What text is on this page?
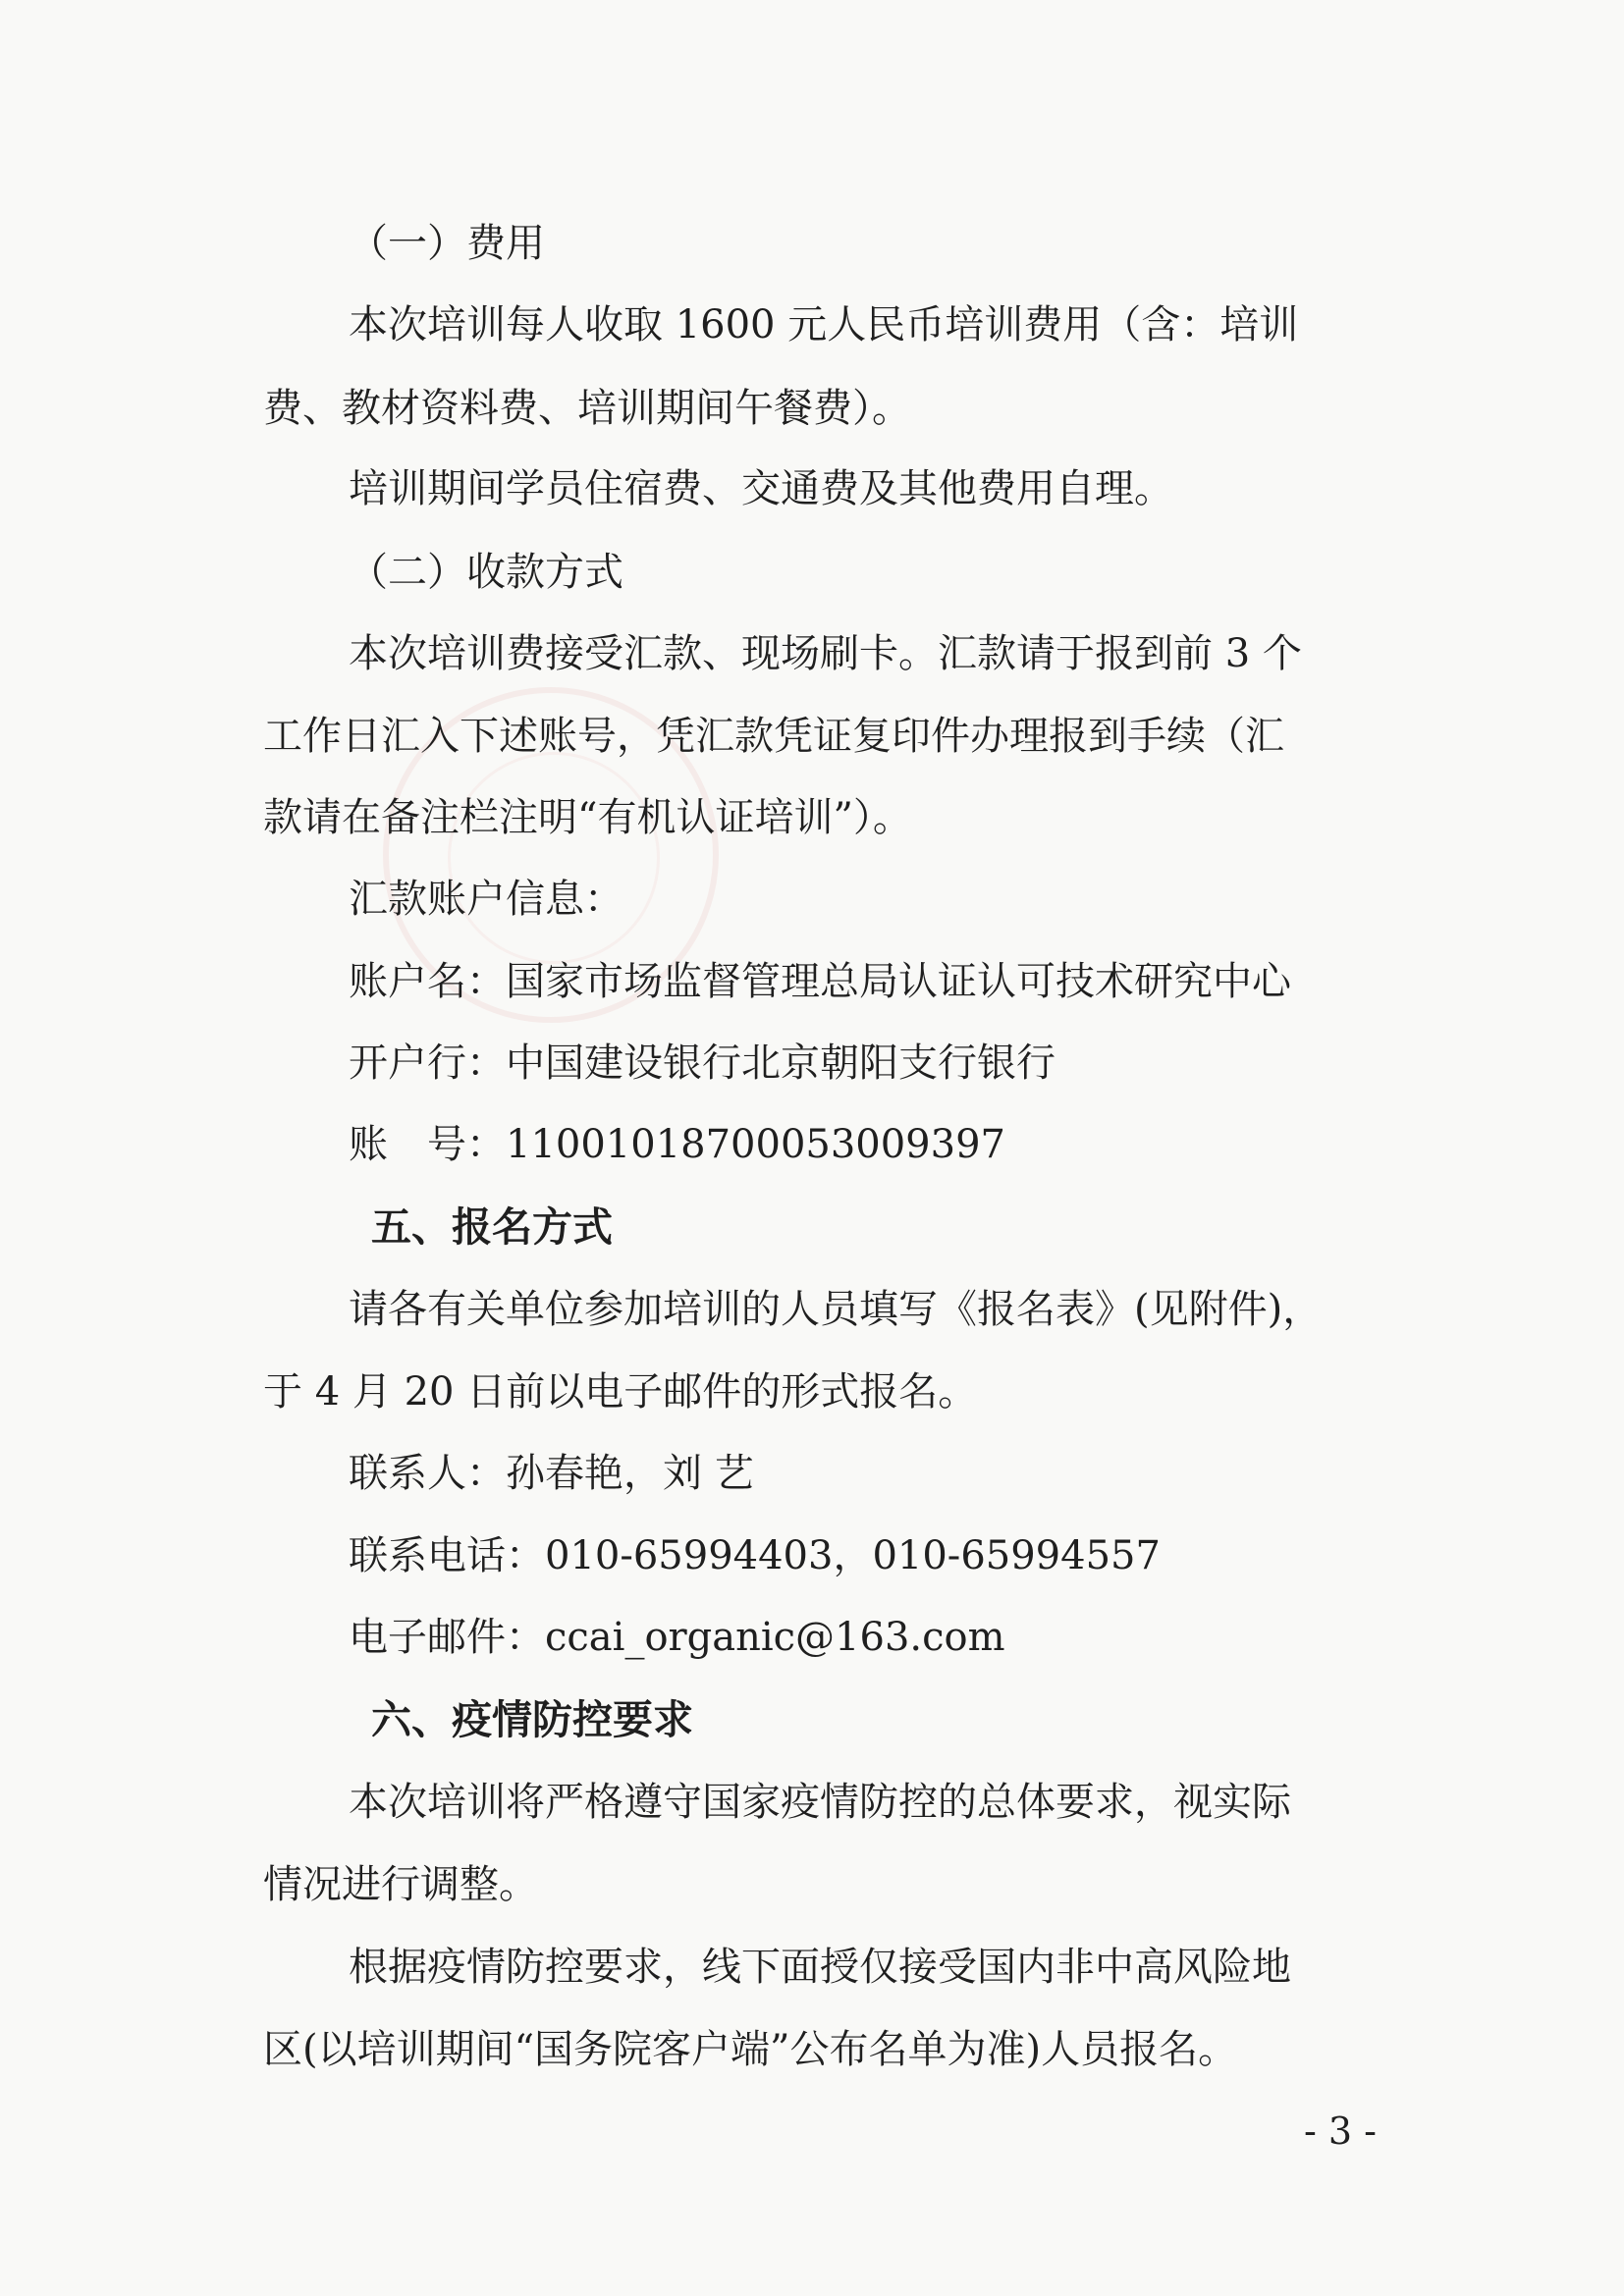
（一）费用
本次培训每人收取 1600 元人民币培训费用（含：培训
费、教材资料费、培训期间午餐费）。
培训期间学员住宿费、交通费及其他费用自理。
（二）收款方式
本次培训费接受汇款、现场刷卡。汇款请于报到前 3 个
工作日汇入下述账号，凭汇款凭证复印件办理报到手续（汇
款请在备注栏注明“有机认证培训”）。
汇款账户信息：
账户名：国家市场监督管理总局认证认可技术研究中心
开户行：中国建设银行北京朝阳支行银行
账　号：11001018700053009397
五、报名方式
请各有关单位参加培训的人员填写《报名表》(见附件)，
于 4 月 20 日前以电子邮件的形式报名。
联系人：孙春艳，刘 艺
联系电话：010-65994403，010-65994557
电子邮件：ccai_organic@163.com
六、疫情防控要求
本次培训将严格遵守国家疫情防控的总体要求，视实际
情况进行调整。
根据疫情防控要求，线下面授仅接受国内非中高风险地
区(以培训期间“国务院客户端”公布名单为准)人员报名。
- 3 -
